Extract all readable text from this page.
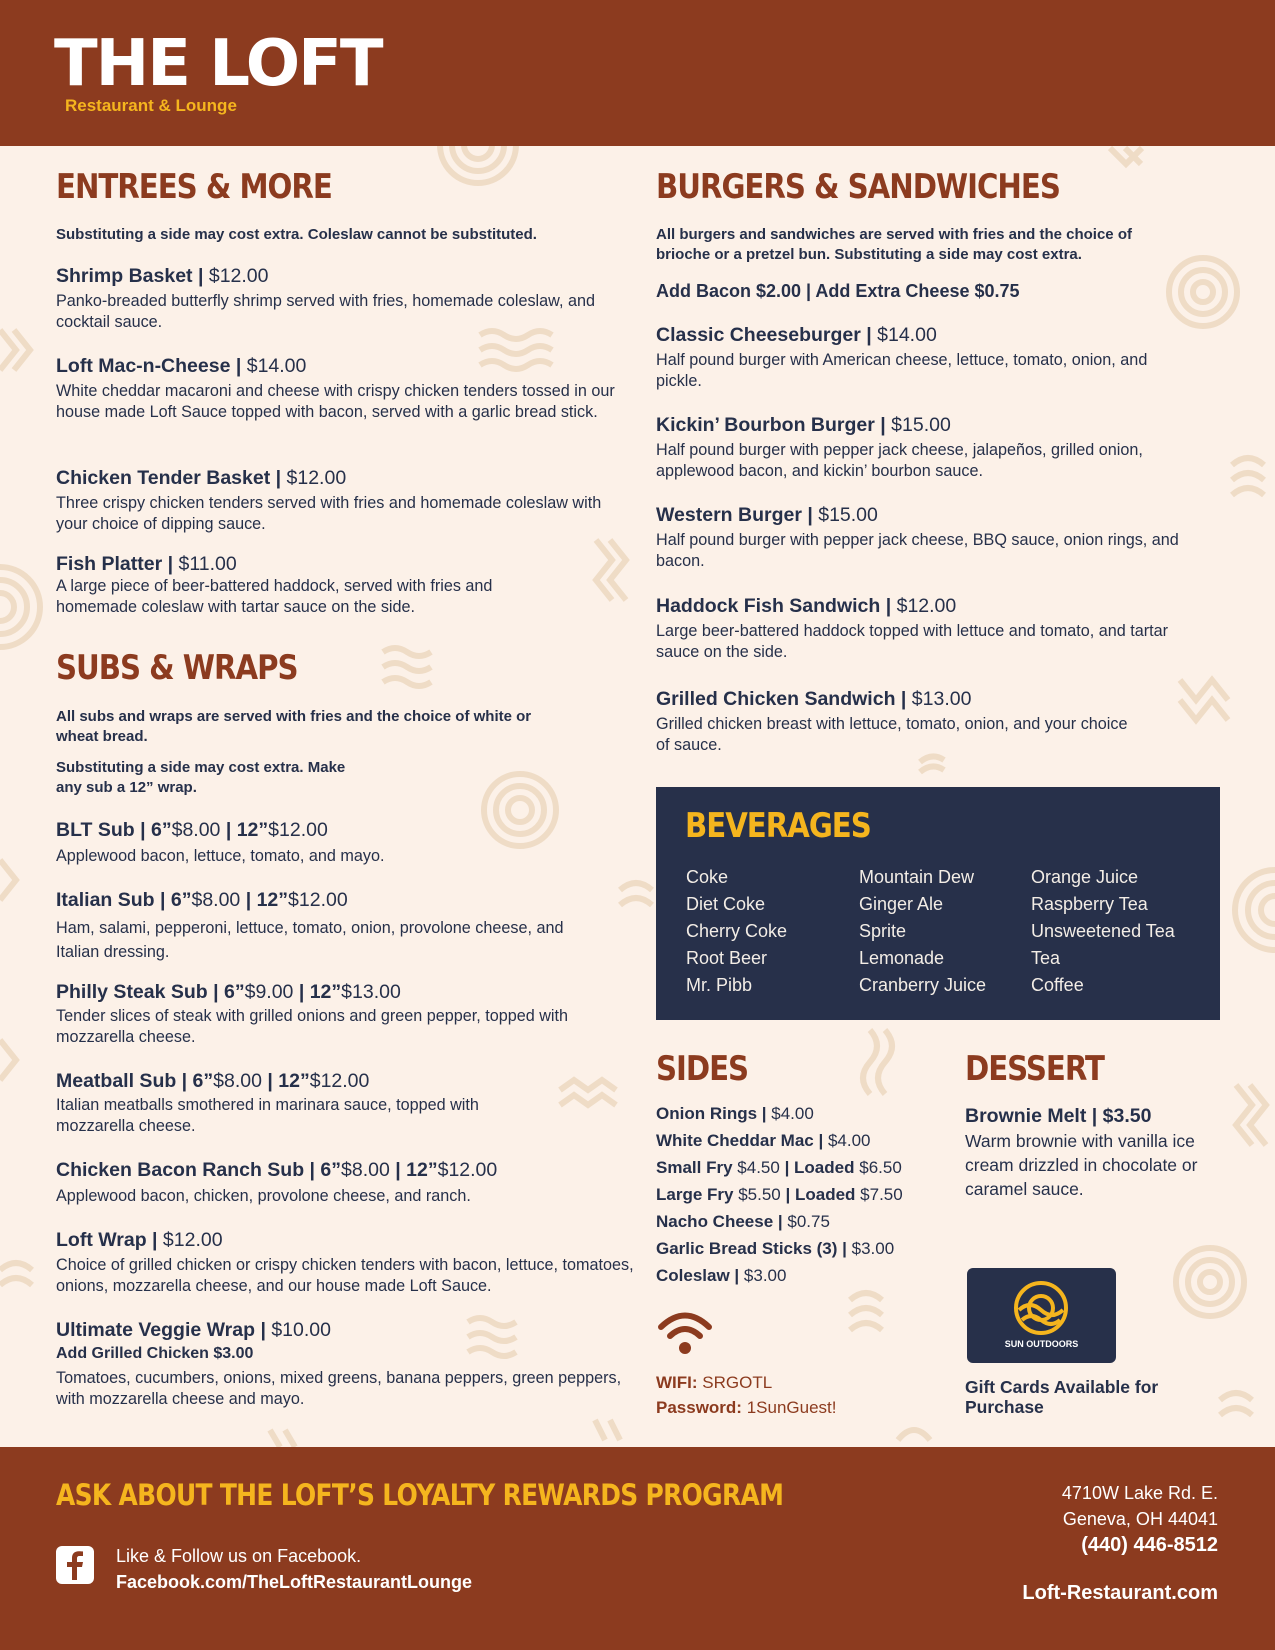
THE LOFT
Restaurant & Lounge
ENTREES & MORE
Substituting a side may cost extra. Coleslaw cannot be substituted.
Shrimp Basket | $12.00
Panko-breaded butterfly shrimp served with fries, homemade coleslaw, and cocktail sauce.
Loft Mac-n-Cheese | $14.00
White cheddar macaroni and cheese with crispy chicken tenders tossed in our house made Loft Sauce topped with bacon, served with a garlic bread stick.
Chicken Tender Basket | $12.00
Three crispy chicken tenders served with fries and homemade coleslaw with your choice of dipping sauce.
Fish Platter | $11.00
A large piece of beer-battered haddock, served with fries and homemade coleslaw with tartar sauce on the side.
SUBS & WRAPS
All subs and wraps are served with fries and the choice of white or wheat bread.
Substituting a side may cost extra. Make any sub a 12” wrap.
BLT Sub | 6”$8.00 | 12”$12.00
Applewood bacon, lettuce, tomato, and mayo.
Italian Sub | 6”$8.00 | 12”$12.00
Ham, salami, pepperoni, lettuce, tomato, onion, provolone cheese, and Italian dressing.
Philly Steak Sub | 6”$9.00 | 12”$13.00
Tender slices of steak with grilled onions and green pepper, topped with mozzarella cheese.
Meatball Sub | 6”$8.00 | 12”$12.00
Italian meatballs smothered in marinara sauce, topped with mozzarella cheese.
Chicken Bacon Ranch Sub | 6”$8.00 | 12”$12.00
Applewood bacon, chicken, provolone cheese, and ranch.
Loft Wrap | $12.00
Choice of grilled chicken or crispy chicken tenders with bacon, lettuce, tomatoes, onions, mozzarella cheese, and our house made Loft Sauce.
Ultimate Veggie Wrap | $10.00
Add Grilled Chicken $3.00
Tomatoes, cucumbers, onions, mixed greens, banana peppers, green peppers, with mozzarella cheese and mayo.
BURGERS & SANDWICHES
All burgers and sandwiches are served with fries and the choice of brioche or a pretzel bun. Substituting a side may cost extra.
Add Bacon $2.00 | Add Extra Cheese $0.75
Classic Cheeseburger | $14.00
Half pound burger with American cheese, lettuce, tomato, onion, and pickle.
Kickin’ Bourbon Burger | $15.00
Half pound burger with pepper jack cheese, jalapeños, grilled onion, applewood bacon, and kickin’ bourbon sauce.
Western Burger | $15.00
Half pound burger with pepper jack cheese, BBQ sauce, onion rings, and bacon.
Haddock Fish Sandwich | $12.00
Large beer-battered haddock topped with lettuce and tomato, and tartar sauce on the side.
Grilled Chicken Sandwich | $13.00
Grilled chicken breast with lettuce, tomato, onion, and your choice of sauce.
BEVERAGES
Coke
Diet Coke
Cherry Coke
Root Beer
Mr. Pibb
Mountain Dew
Ginger Ale
Sprite
Lemonade
Cranberry Juice
Orange Juice
Raspberry Tea
Unsweetened Tea
Tea
Coffee
SIDES
Onion Rings | $4.00
White Cheddar Mac | $4.00
Small Fry $4.50 | Loaded $6.50
Large Fry $5.50 | Loaded $7.50
Nacho Cheese | $0.75
Garlic Bread Sticks (3) | $3.00
Coleslaw | $3.00
WIFI: SRGOTL
Password: 1SunGuest!
DESSERT
Brownie Melt | $3.50
Warm brownie with vanilla ice cream drizzled in chocolate or caramel sauce.
SUN OUTDOORS
Gift Cards Available for Purchase
ASK ABOUT THE LOFT’S LOYALTY REWARDS PROGRAM
Like & Follow us on Facebook.
Facebook.com/TheLoftRestaurantLounge
4710W Lake Rd. E.
Geneva, OH 44041
(440) 446-8512
Loft-Restaurant.com
